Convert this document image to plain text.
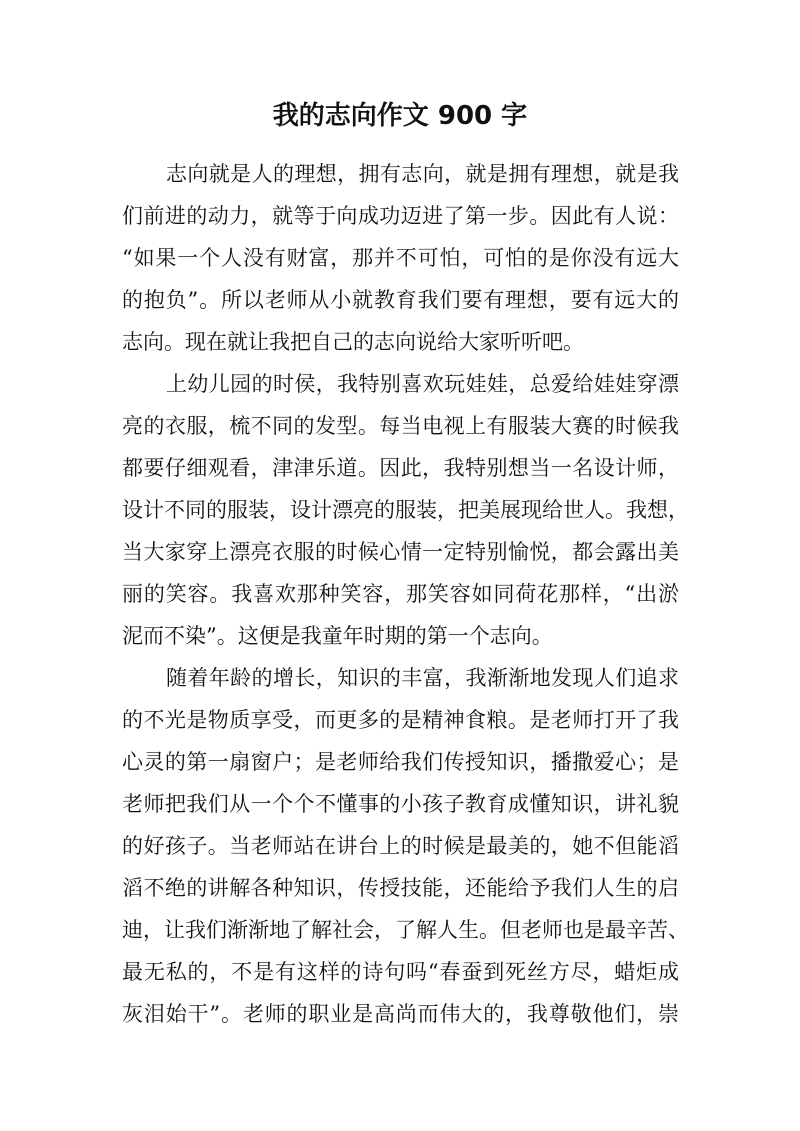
我的志向作文 900 字
志向就是人的理想，拥有志向，就是拥有理想，就是我
们前进的动力，就等于向成功迈进了第一步。因此有人说：
“如果一个人没有财富，那并不可怕，可怕的是你没有远大
的抱负”。所以老师从小就教育我们要有理想，要有远大的
志向。现在就让我把自己的志向说给大家听听吧。
上幼儿园的时侯，我特别喜欢玩娃娃，总爱给娃娃穿漂
亮的衣服，梳不同的发型。每当电视上有服装大赛的时候我
都要仔细观看，津津乐道。因此，我特别想当一名设计师，
设计不同的服装，设计漂亮的服装，把美展现给世人。我想，
当大家穿上漂亮衣服的时候心情一定特别愉悦，都会露出美
丽的笑容。我喜欢那种笑容，那笑容如同荷花那样，“出淤
泥而不染”。这便是我童年时期的第一个志向。
随着年龄的增长，知识的丰富，我渐渐地发现人们追求
的不光是物质享受，而更多的是精神食粮。是老师打开了我
心灵的第一扇窗户；是老师给我们传授知识，播撒爱心；是
老师把我们从一个个不懂事的小孩子教育成懂知识，讲礼貌
的好孩子。当老师站在讲台上的时候是最美的，她不但能滔
滔不绝的讲解各种知识，传授技能，还能给予我们人生的启
迪，让我们渐渐地了解社会，了解人生。但老师也是最辛苦、
最无私的，不是有这样的诗句吗“春蚕到死丝方尽，蜡炬成
灰泪始干”。老师的职业是高尚而伟大的，我尊敬他们，崇
